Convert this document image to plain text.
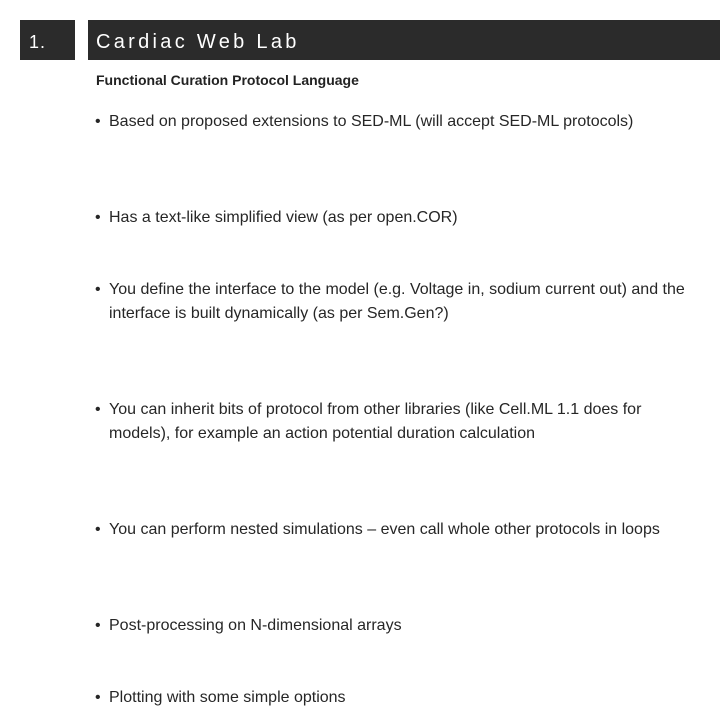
1.	Cardiac Web Lab
Functional Curation Protocol Language
• Based on proposed extensions to SED-ML (will accept SED-ML protocols)
• Has a text-like simplified view (as per open.COR)
• You define the interface to the model (e.g. Voltage in, sodium current out) and the interface is built dynamically (as per Sem.Gen?)
• You can inherit bits of protocol from other libraries (like Cell.ML 1.1 does for models), for example an action potential duration calculation
• You can perform nested simulations – even call whole other protocols in loops
• Post-processing on N-dimensional arrays
• Plotting with some simple options
